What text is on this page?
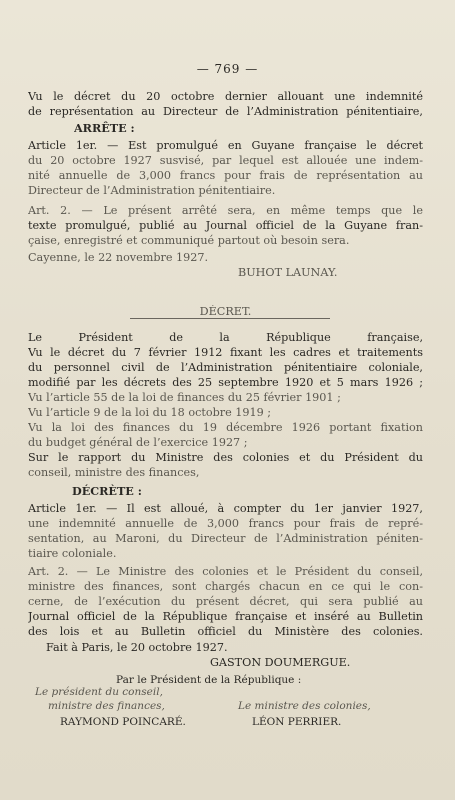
— 769 —
Vu le décret du 20 octobre dernier allouant une indemnité
de représentation au Directeur de l’Administration pénitentiaire,
ARRÊTE :
Article 1er. — Est promulgué en Guyane française le décret
du 20 octobre 1927 susvisé, par lequel est allouée une indem-
nité annuelle de 3,000 francs pour frais de représentation au
Directeur de l’Administration pénitentiaire.
Art. 2. — Le présent arrêté sera, en même temps que le
texte promulgué, publié au Journal officiel de la Guyane fran-
çaise, enregistré et communiqué partout où besoin sera.
Cayenne, le 22 novembre 1927.
BUHOT LAUNAY.
DÉCRET.
Le Président de la République française,
Vu le décret du 7 février 1912 fixant les cadres et traitements
du personnel civil de l’Administration pénitentiaire coloniale,
modifié par les décrets des 25 septembre 1920 et 5 mars 1926 ;
Vu l’article 55 de la loi de finances du 25 février 1901 ;
Vu l’article 9 de la loi du 18 octobre 1919 ;
Vu la loi des finances du 19 décembre 1926 portant fixation
du budget général de l’exercice 1927 ;
Sur le rapport du Ministre des colonies et du Président du
conseil, ministre des finances,
DÉCRÈTE :
Article 1er. — Il est alloué, à compter du 1er janvier 1927,
une indemnité annuelle de 3,000 francs pour frais de repré-
sentation, au Maroni, du Directeur de l’Administration péniten-
tiaire coloniale.
Art. 2. — Le Ministre des colonies et le Président du conseil,
ministre des finances, sont chargés chacun en ce qui le con-
cerne, de l’exécution du présent décret, qui sera publié au
Journal officiel de la République française et inséré au Bulletin
des lois et au Bulletin officiel du Ministère des colonies.
Fait à Paris, le 20 octobre 1927.
GASTON DOUMERGUE.
Par le Président de la République :
Le président du conseil,
ministre des finances,
RAYMOND POINCARÉ.
Le ministre des colonies,
LÉON PERRIER.
